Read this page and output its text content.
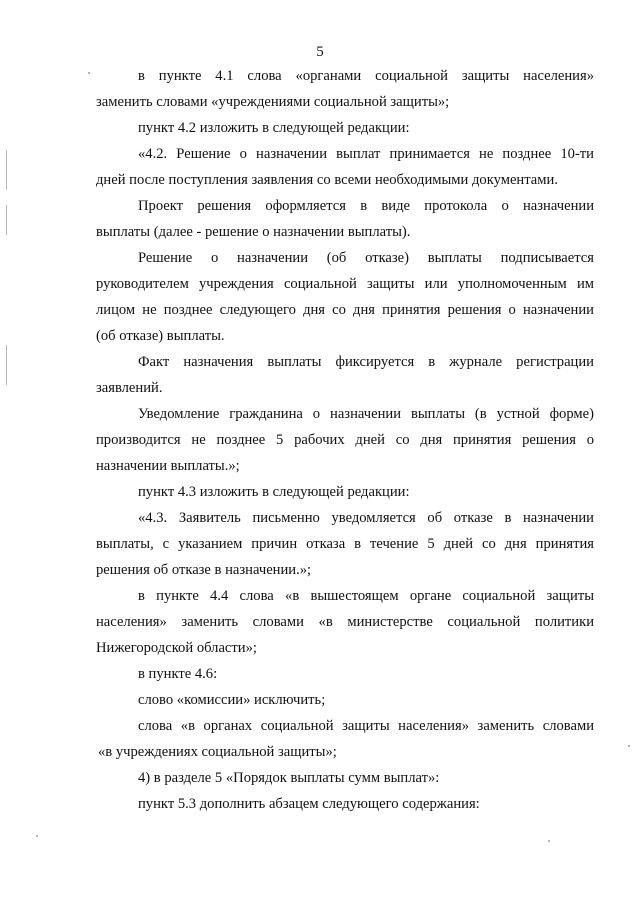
5

в пункте 4.1 слова «органами социальной защиты населения»

заменить словами «учреждениями социальной защиты»;

пункт 4.2 изложить в следующей редакции:

«4.2. Решение о назначении выплат принимается не позднее 10-ти

дней после поступления заявления со всеми необходимыми документами.

Проект решения оформляется в виде протокола о назначении

выплаты (далее - решение о назначении выплаты).

Решение о назначении (об отказе) выплаты подписывается

руководителем учреждения социальной защиты или уполномоченным им

лицом не позднее следующего дня со дня принятия решения о назначении

(об отказе) выплаты.

Факт назначения выплаты фиксируется в журнале регистрации

заявлений.

Уведомление гражданина о назначении выплаты (в устной форме)

производится не позднее 5 рабочих дней со дня принятия решения о

назначении выплаты.»;

пункт 4.3 изложить в следующей редакции:

«4.3. Заявитель письменно уведомляется об отказе в назначении

выплаты, с указанием причин отказа в течение 5 дней со дня принятия

решения об отказе в назначении.»;

в пункте 4.4 слова «в вышестоящем органе социальной защиты

населения» заменить словами «в министерстве социальной политики

Нижегородской области»;

в пункте 4.6:

слово «комиссии» исключить;

слова «в органах социальной защиты населения» заменить словами

«в учреждениях социальной защиты»;

4) в разделе 5 «Порядок выплаты сумм выплат»:

пункт 5.3 дополнить абзацем следующего содержания:
